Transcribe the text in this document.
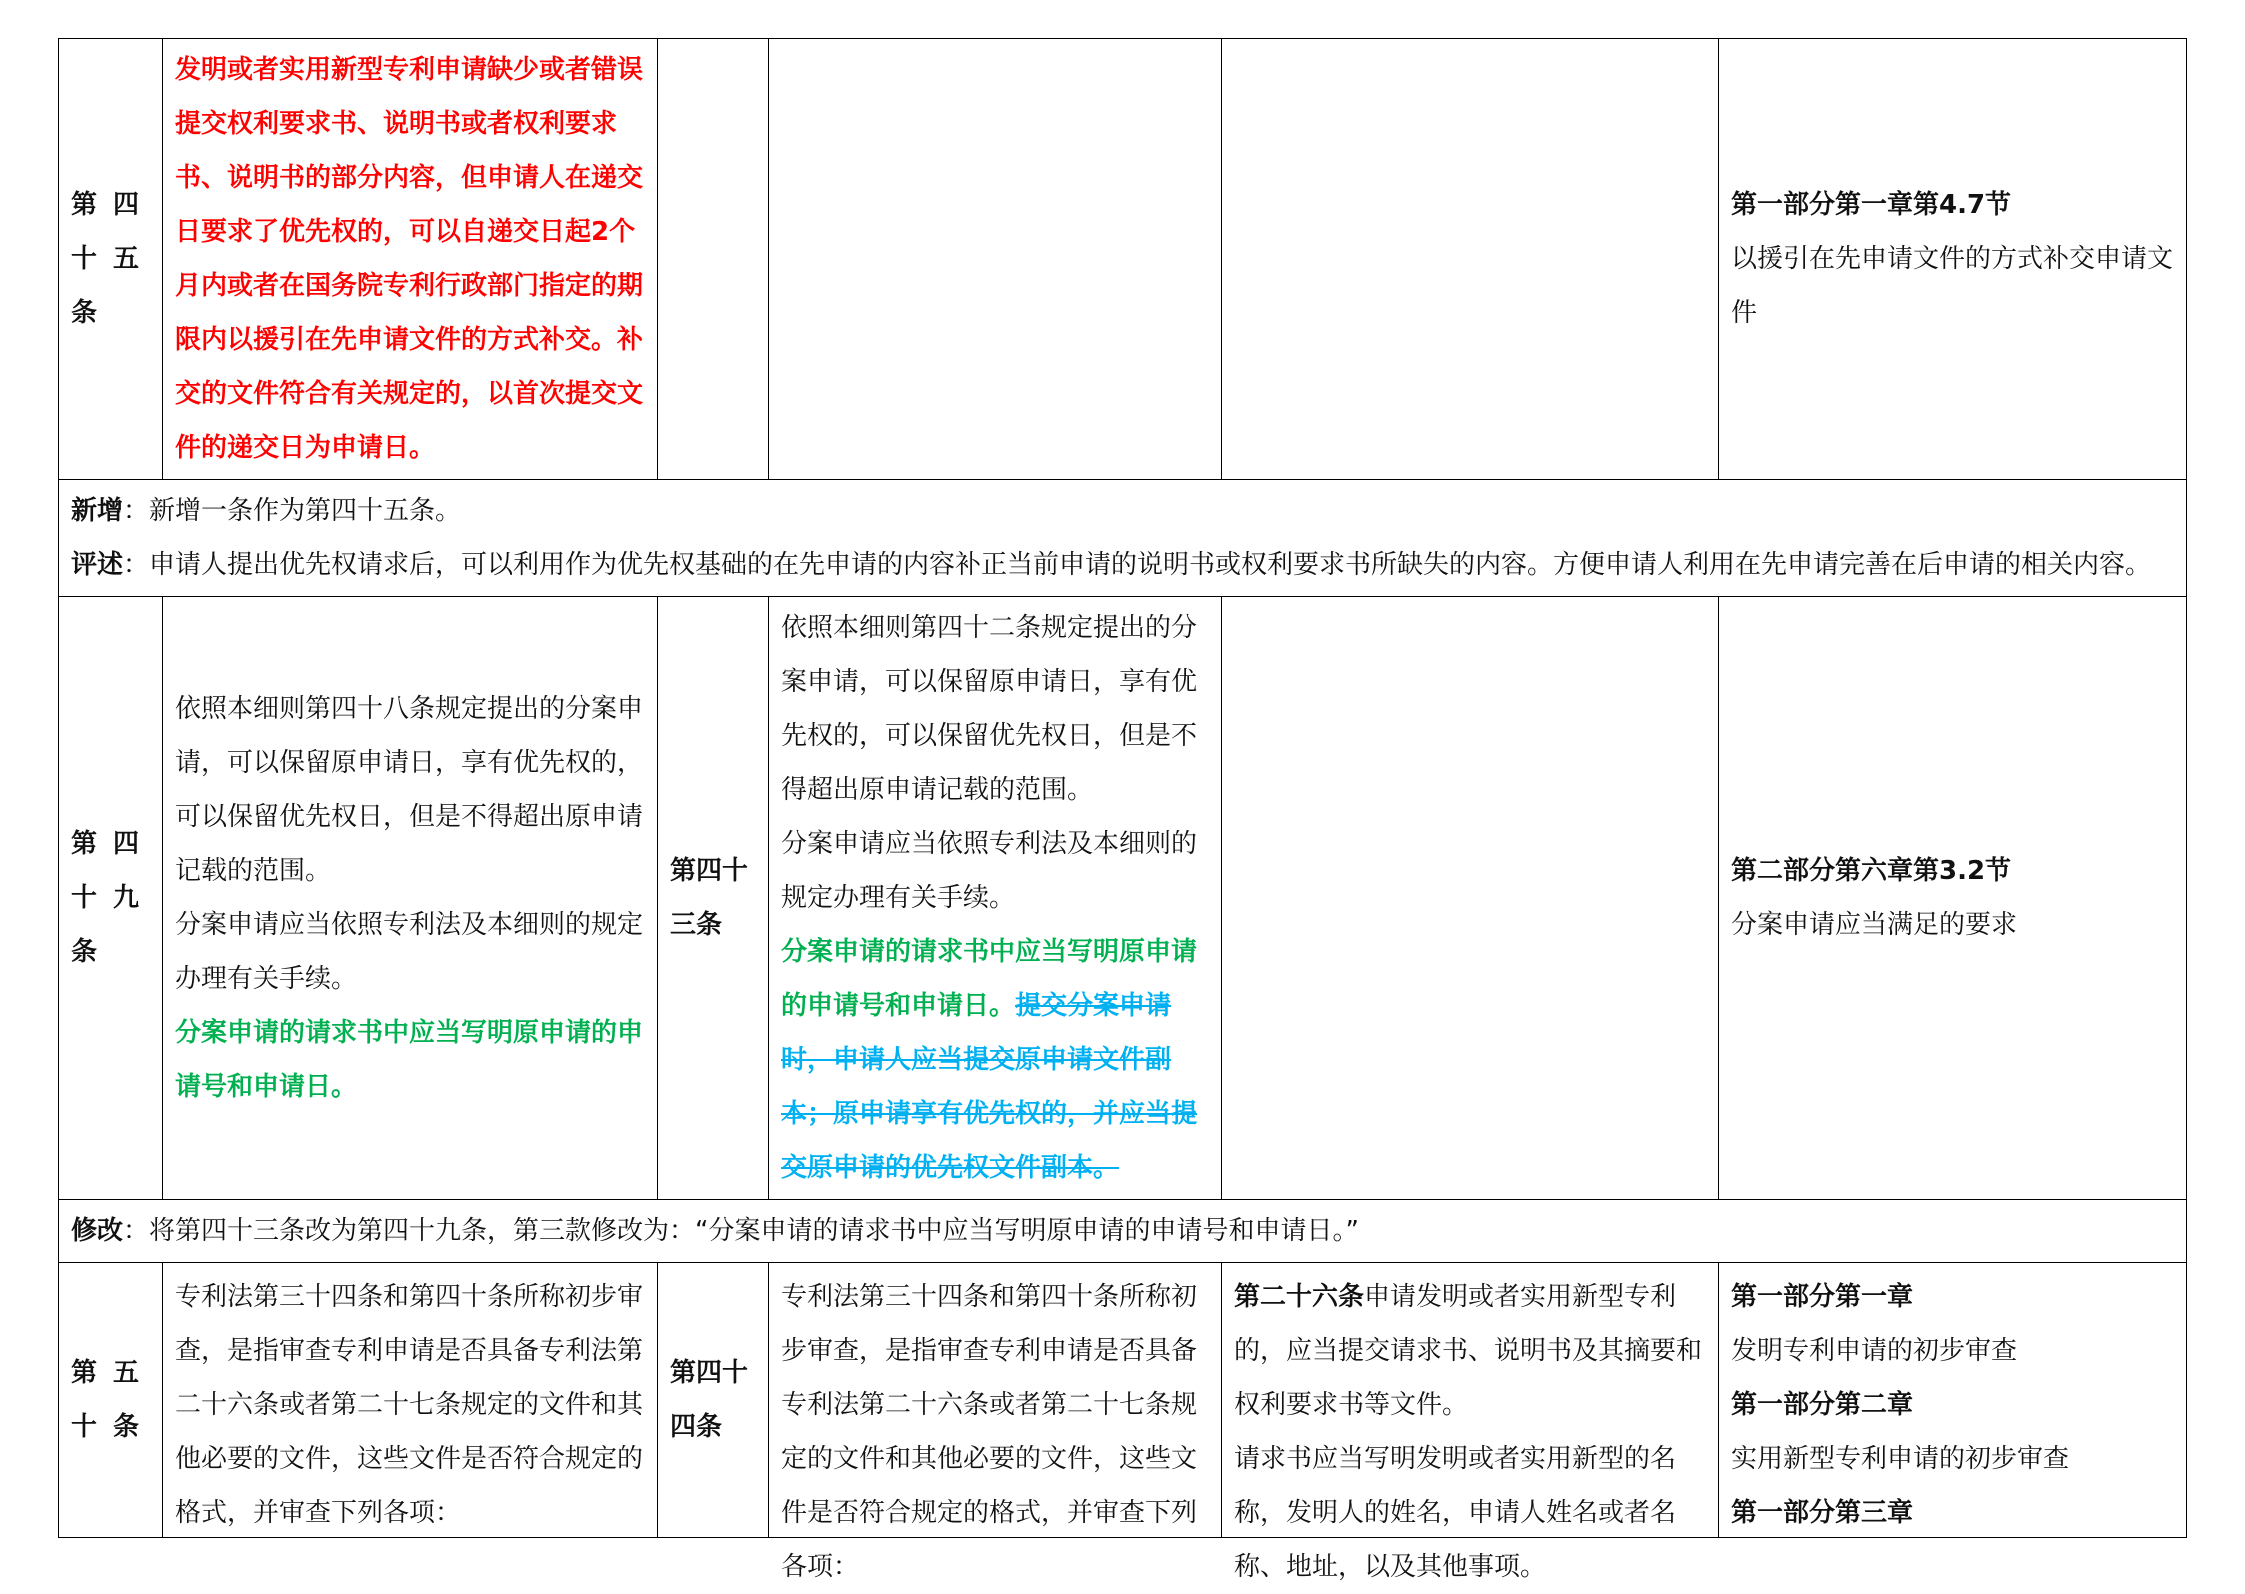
第四十五条	发明或者实用新型专利申请缺少或者错误提交权利要求书、说明书或者权利要求书、说明书的部分内容，但申请人在递交日要求了优先权的，可以自递交日起2个月内或者在国务院专利行政部门指定的期限内以援引在先申请文件的方式补交。补交的文件符合有关规定的，以首次提交文件的递交日为申请日。				第一部分第一章第4.7节
以援引在先申请文件的方式补交申请文件

新增：新增一条作为第四十五条。
评述：申请人提出优先权请求后，可以利用作为优先权基础的在先申请的内容补正当前申请的说明书或权利要求书所缺失的内容。方便申请人利用在先申请完善在后申请的相关内容。					

第四十九条	依照本细则第四十八条规定提出的分案申请，可以保留原申请日，享有优先权的，可以保留优先权日，但是不得超出原申请记载的范围。
分案申请应当依照专利法及本细则的规定办理有关手续。
分案申请的请求书中应当写明原申请的申请号和申请日。	第四十三条	依照本细则第四十二条规定提出的分案申请，可以保留原申请日，享有优先权的，可以保留优先权日，但是不得超出原申请记载的范围。
分案申请应当依照专利法及本细则的规定办理有关手续。
分案申请的请求书中应当写明原申请的申请号和申请日。提交分案申请时，申请人应当提交原申请文件副本；原申请享有优先权的，并应当提交原申请的优先权文件副本。		第二部分第六章第3.2节
分案申请应当满足的要求

修改：将第四十三条改为第四十九条，第三款修改为：“分案申请的请求书中应当写明原申请的申请号和申请日。”					
第五十条	专利法第三十四条和第四十条所称初步审查，是指审查专利申请是否具备专利法第二十六条或者第二十七条规定的文件和其他必要的文件，这些文件是否符合规定的格式，并审查下列各项：	第四十四条	专利法第三十四条和第四十条所称初步审查，是指审查专利申请是否具备专利法第二十六条或者第二十七条规定的文件和其他必要的文件，这些文件是否符合规定的格式，并审查下列各项：	第二十六条申请发明或者实用新型专利的，应当提交请求书、说明书及其摘要和权利要求书等文件。
请求书应当写明发明或者实用新型的名称，发明人的姓名，申请人姓名或者名称、地址，以及其他事项。	第一部分第一章
发明专利申请的初步审查
第一部分第二章
实用新型专利申请的初步审查
第一部分第三章
